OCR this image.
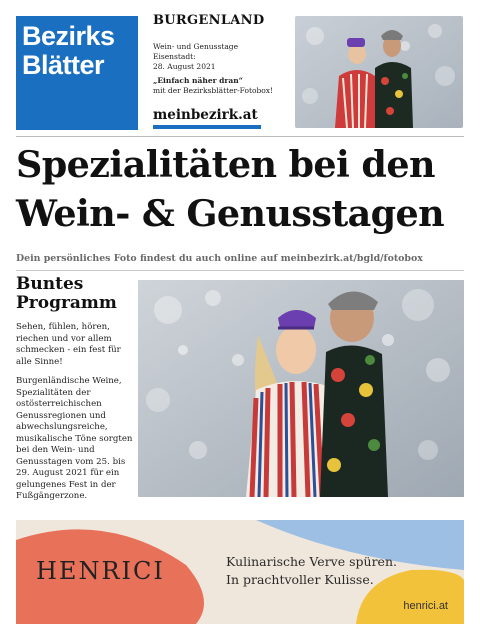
Bezirks
Blätter
BURGENLAND
Wein- und Genusstage
Eisenstadt:
28. August 2021
„Einfach näher dran“
mit der Bezirksblätter-Fotobox!
meinbezirk.at
Spezialitäten bei den
Wein- & Genusstagen
Dein persönliches Foto findest du auch online auf meinbezirk.at/bgld/fotobox
Buntes
Programm

Sehen, fühlen, hören, riechen und vor allem schmecken - ein fest für alle Sinne!

Burgenländische Weine, Spezialitäten der ostösterreichischen Genussregionen und abwechslungsreiche, musikalische Töne sorgten bei den Wein- und Genusstagen vom 25. bis 29. August 2021 für ein gelungenes Fest in der Fußgängerzone.

HENRICI	Kulinarische Verve spüren.
In prachtvoller Kulisse.
henrici.at
